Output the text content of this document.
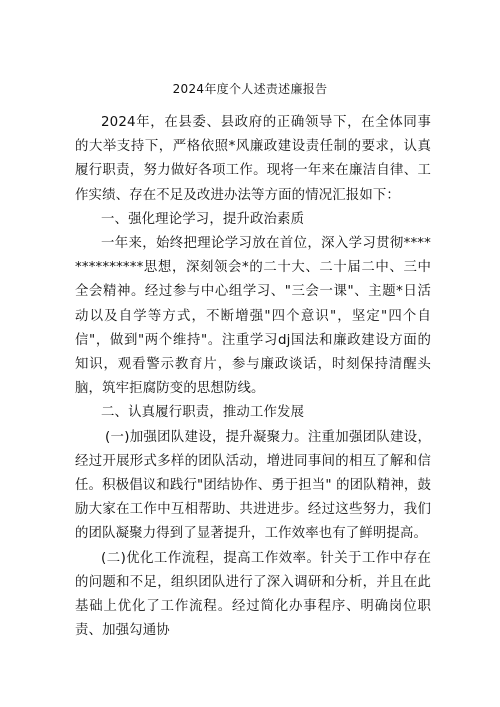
2024年度个人述责述廉报告

2024年，在县委、县政府的正确领导下，在全体同事的大举支持下，严格依照*风廉政建设责任制的要求，认真履行职责，努力做好各项工作。现将一年来在廉洁自律、工作实绩、存在不足及改进办法等方面的情况汇报如下：

一、强化理论学习，提升政治素质

一年来，始终把理论学习放在首位，深入学习贯彻**************思想，深刻领会*的二十大、二十届二中、三中全会精神。经过参与中心组学习、"三会一课"、主题*日活动以及自学等方式，不断增强"四个意识"，坚定"四个自信"，做到"两个维持"。注重学习dj国法和廉政建设方面的知识，观看警示教育片，参与廉政谈话，时刻保持清醒头脑，筑牢拒腐防变的思想防线。

二、认真履行职责，推动工作发展

(一)加强团队建设，提升凝聚力。注重加强团队建设，经过开展形式多样的团队活动，增进同事间的相互了解和信任。积极倡议和践行"团结协作、勇于担当" 的团队精神，鼓励大家在工作中互相帮助、共进进步。经过这些努力，我们的团队凝聚力得到了显著提升，工作效率也有了鲜明提高。

(二)优化工作流程，提高工作效率。针关于工作中存在的问题和不足，组织团队进行了深入调研和分析，并且在此基础上优化了工作流程。经过简化办事程序、明确岗位职责、加强勾通协
